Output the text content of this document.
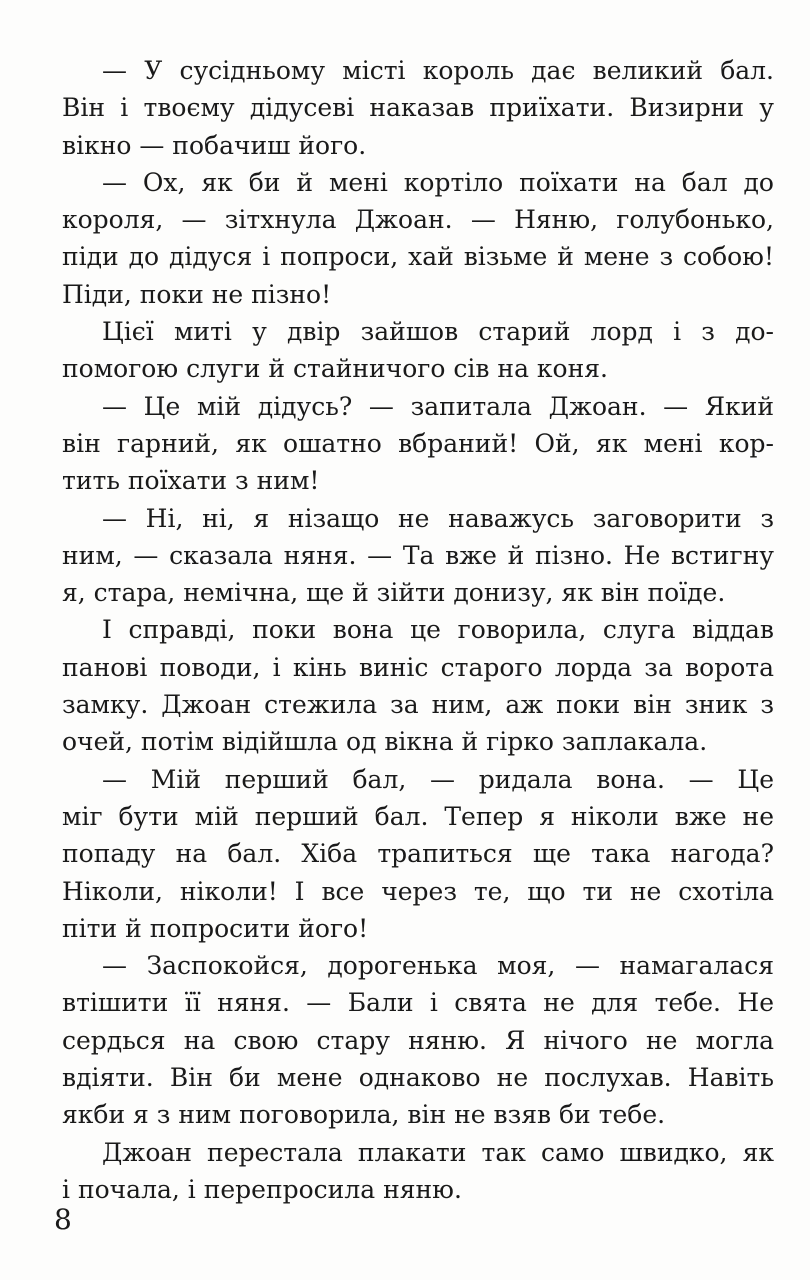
— У сусідньому місті король дає великий бал.
Він і твоєму дідусеві наказав приїхати. Визирни у
вікно — побачиш його.

— Ох, як би й мені кортіло поїхати на бал до
короля, — зітхнула Джоан. — Няню, голубонько,
піди до дідуся і попроси, хай візьме й мене з собою!
Піди, поки не пізно!

Цієї миті у двір зайшов старий лорд і з до-
помогою слуги й стайничого сів на коня.

— Це мій дідусь? — запитала Джоан. — Який
він гарний, як ошатно вбраний! Ой, як мені кор-
тить поїхати з ним!

— Ні, ні, я нізащо не наважусь заговорити з
ним, — сказала няня. — Та вже й пізно. Не встигну
я, стара, немічна, ще й зійти донизу, як він поїде.

І справді, поки вона це говорила, слуга віддав
панові поводи, і кінь виніс старого лорда за ворота
замку. Джоан стежила за ним, аж поки він зник з
очей, потім відійшла од вікна й гірко заплакала.

— Мій перший бал, — ридала вона. — Це
міг бути мій перший бал. Тепер я ніколи вже не
попаду на бал. Хіба трапиться ще така нагода?
Ніколи, ніколи! І все через те, що ти не схотіла
піти й попросити його!

— Заспокойся, дорогенька моя, — намагалася
втішити її няня. — Бали і свята не для тебе. Не
сердься на свою стару няню. Я нічого не могла
вдіяти. Він би мене однаково не послухав. Навіть
якби я з ним поговорила, він не взяв би тебе.

Джоан перестала плакати так само швидко, як
і почала, і перепросила няню.

8
